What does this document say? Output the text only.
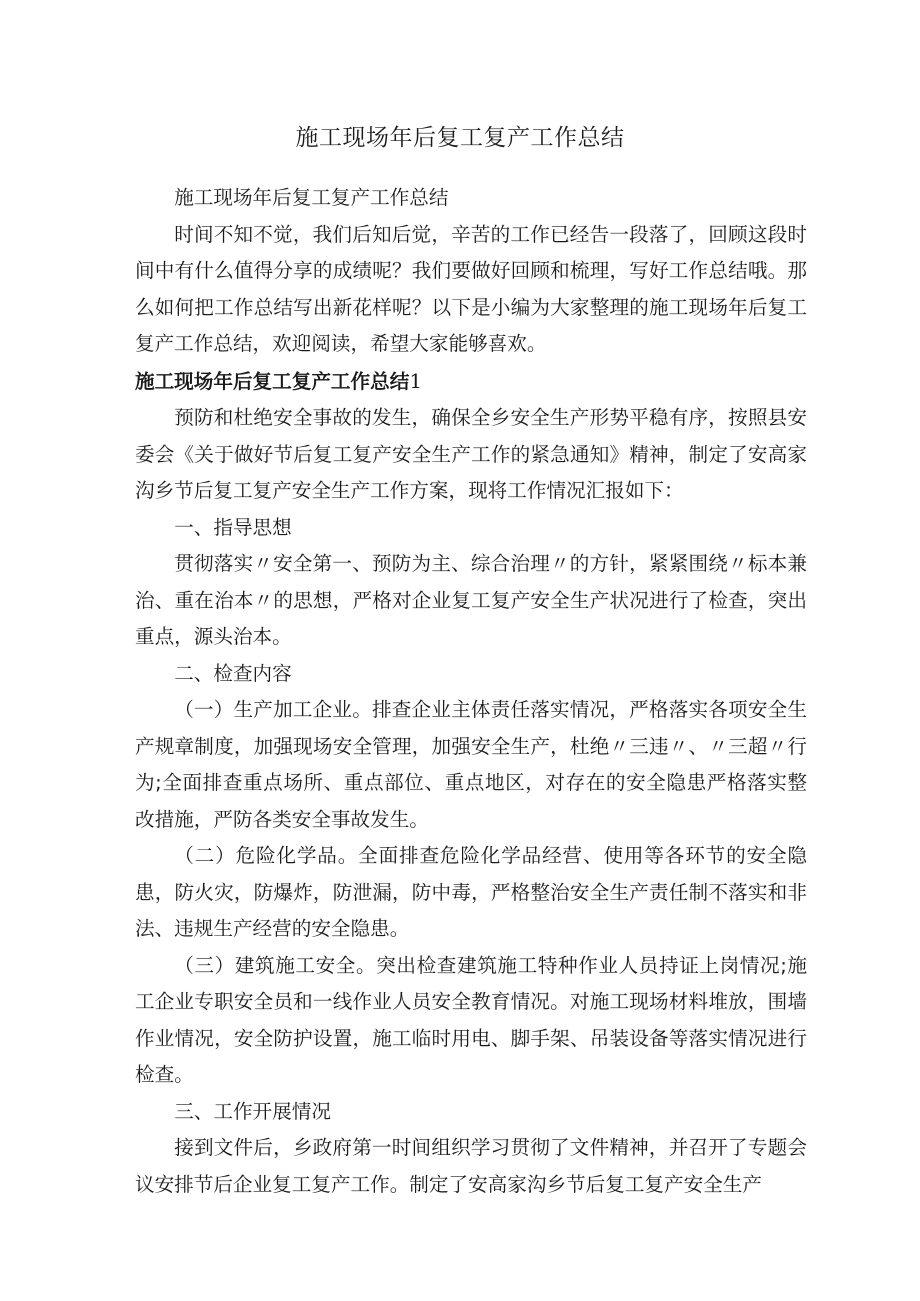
施工现场年后复工复产工作总结

施工现场年后复工复产工作总结

时间不知不觉，我们后知后觉，辛苦的工作已经告一段落了，回顾这段时间中有什么值得分享的成绩呢？我们要做好回顾和梳理，写好工作总结哦。那么如何把工作总结写出新花样呢？以下是小编为大家整理的施工现场年后复工复产工作总结，欢迎阅读，希望大家能够喜欢。

施工现场年后复工复产工作总结1

预防和杜绝安全事故的发生，确保全乡安全生产形势平稳有序，按照县安委会《关于做好节后复工复产安全生产工作的紧急通知》精神，制定了安高家沟乡节后复工复产安全生产工作方案，现将工作情况汇报如下：

一、指导思想

贯彻落实〃安全第一、预防为主、综合治理〃的方针，紧紧围绕〃标本兼治、重在治本〃的思想，严格对企业复工复产安全生产状况进行了检查，突出重点，源头治本。

二、检查内容

（一）生产加工企业。排查企业主体责任落实情况，严格落实各项安全生产规章制度，加强现场安全管理，加强安全生产，杜绝〃三违〃、〃三超〃行为;全面排查重点场所、重点部位、重点地区，对存在的安全隐患严格落实整改措施，严防各类安全事故发生。

（二）危险化学品。全面排查危险化学品经营、使用等各环节的安全隐患，防火灾，防爆炸，防泄漏，防中毒，严格整治安全生产责任制不落实和非法、违规生产经营的安全隐患。

（三）建筑施工安全。突出检查建筑施工特种作业人员持证上岗情况;施工企业专职安全员和一线作业人员安全教育情况。对施工现场材料堆放，围墙作业情况，安全防护设置，施工临时用电、脚手架、吊装设备等落实情况进行检查。

三、工作开展情况

接到文件后，乡政府第一时间组织学习贯彻了文件精神，并召开了专题会议安排节后企业复工复产工作。制定了安高家沟乡节后复工复产安全生产
